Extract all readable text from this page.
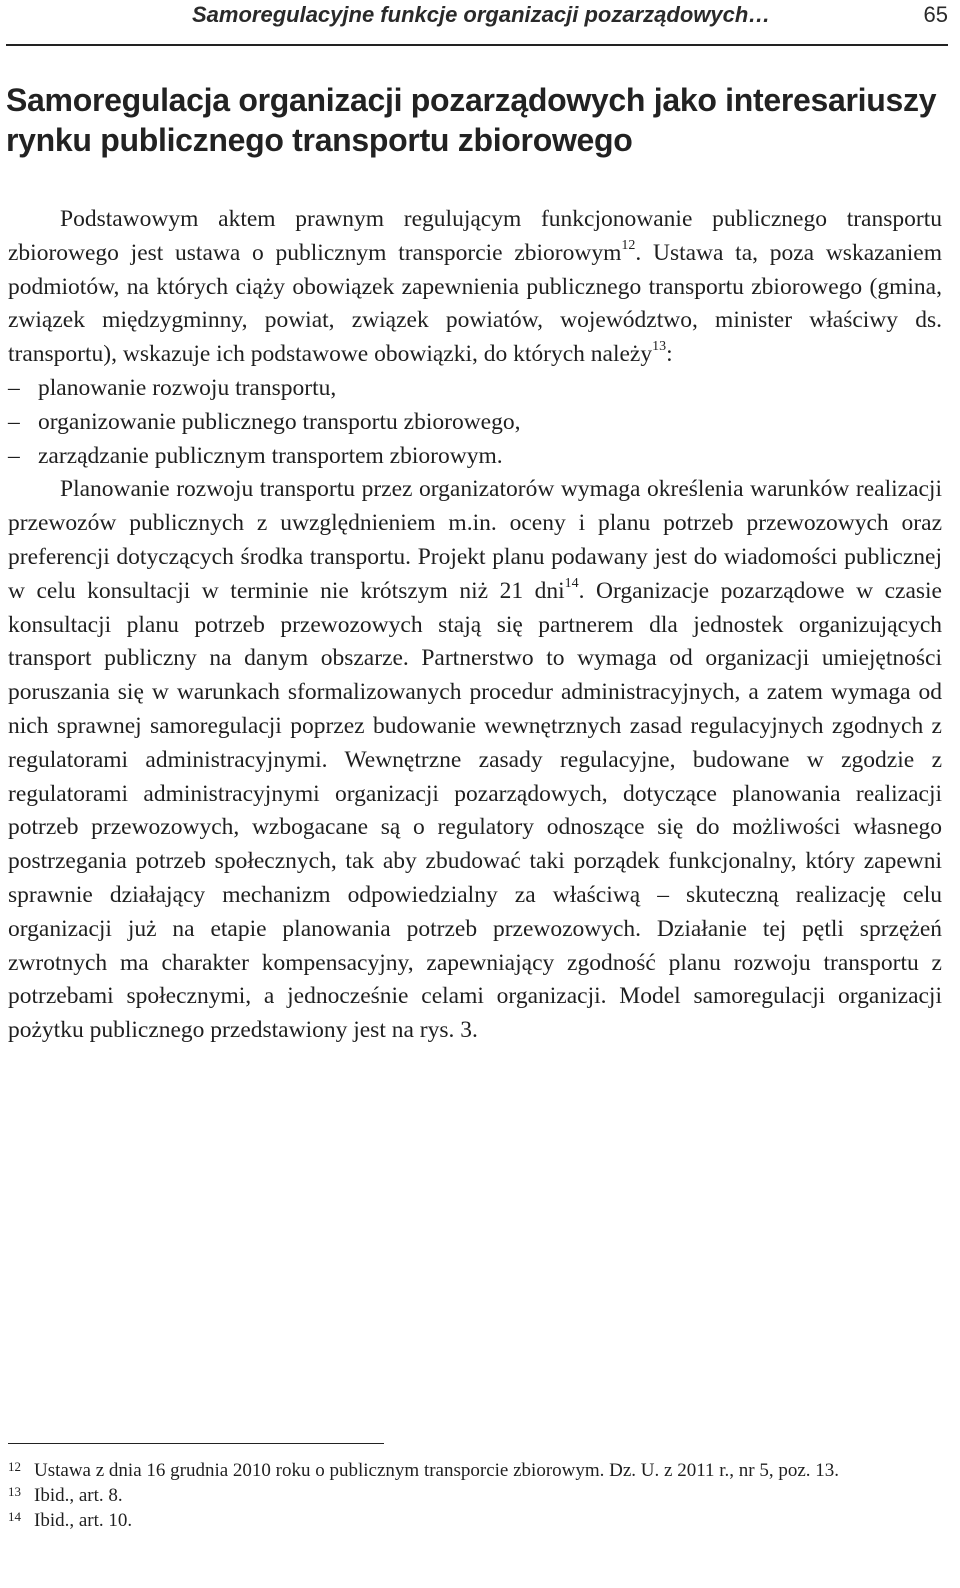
Samoregulacyjne funkcje organizacji pozarządowych…	65
Samoregulacja organizacji pozarządowych jako interesariuszy rynku publicznego transportu zbiorowego

Podstawowym aktem prawnym regulującym funkcjonowanie publicznego transportu zbiorowego jest ustawa o publicznym transporcie zbiorowym$^{12}$. Ustawa ta, poza wskazaniem podmiotów, na których ciąży obowiązek zapewnienia publicznego transportu zbiorowego (gmina, związek międzygminny, powiat, związek powiatów, województwo, minister właściwy ds. transportu), wskazuje ich podstawowe obowiązki, do których należy$^{13}$:

– planowanie rozwoju transportu,
– organizowanie publicznego transportu zbiorowego,
– zarządzanie publicznym transportem zbiorowym.

Planowanie rozwoju transportu przez organizatorów wymaga określenia warunków realizacji przewozów publicznych z uwzględnieniem m.in. oceny i planu potrzeb przewozowych oraz preferencji dotyczących środka transportu. Projekt planu podawany jest do wiadomości publicznej w celu konsultacji w terminie nie krótszym niż 21 dni$^{14}$. Organizacje pozarządowe w czasie konsultacji planu potrzeb przewozowych stają się partnerem dla jednostek organizujących transport publiczny na danym obszarze. Partnerstwo to wymaga od organizacji umiejętności poruszania się w warunkach sformalizowanych procedur administracyjnych, a zatem wymaga od nich sprawnej samoregulacji poprzez budowanie wewnętrznych zasad regulacyjnych zgodnych z regulatorami administracyjnymi. Wewnętrzne zasady regulacyjne, budowane w zgodzie z regulatorami administracyjnymi organizacji pozarządowych, dotyczące planowania realizacji potrzeb przewozowych, wzbogacane są o regulatory odnoszące się do możliwości własnego postrzegania potrzeb społecznych, tak aby zbudować taki porządek funkcjonalny, który zapewni sprawnie działający mechanizm odpowiedzialny za właściwą – skuteczną realizację celu organizacji już na etapie planowania potrzeb przewozowych. Działanie tej pętli sprzężeń zwrotnych ma charakter kompensacyjny, zapewniający zgodność planu rozwoju transportu z potrzebami społecznymi, a jednocześnie celami organizacji. Model samoregulacji organizacji pożytku publicznego przedstawiony jest na rys. 3.

12 Ustawa z dnia 16 grudnia 2010 roku o publicznym transporcie zbiorowym. Dz. U. z 2011 r., nr 5, poz. 13.
13 Ibid., art. 8.
14 Ibid., art. 10.
